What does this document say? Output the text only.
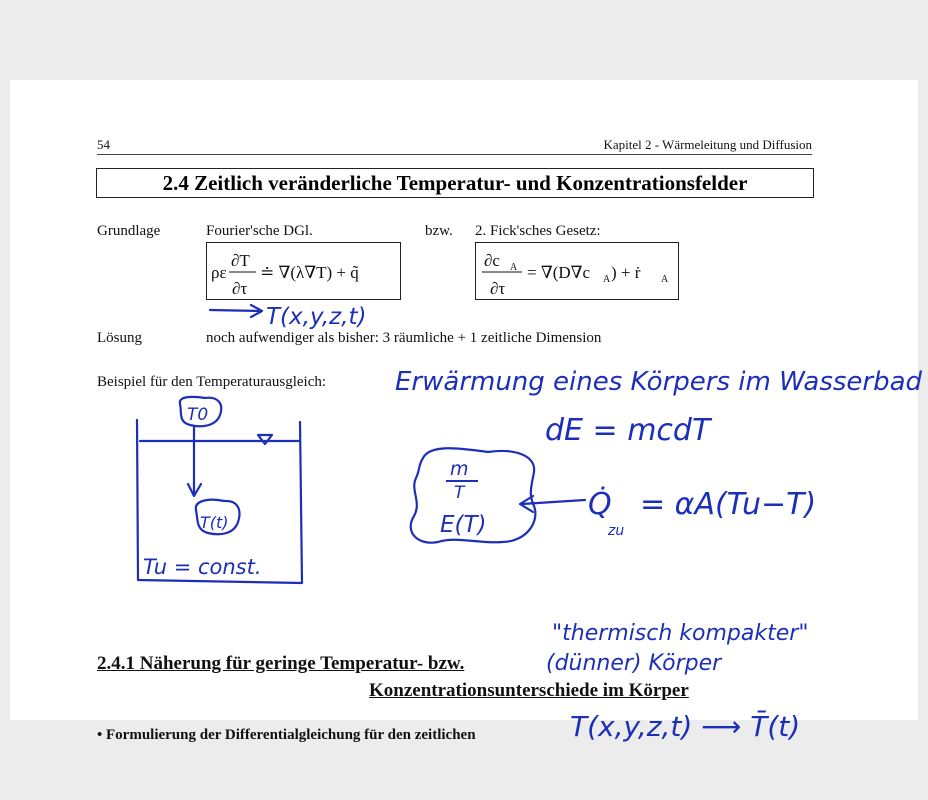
54	Kapitel 2 - Wärmeleitung und Diffusion
2.4 Zeitlich veränderliche Temperatur- und Konzentrationsfelder
Grundlage	Fourier'sche DGl.	bzw. 2. Fick'sches Gesetz:
Lösung	noch aufwendiger als bisher: 3 räumliche + 1 zeitliche Dimension
Beispiel für den Temperaturausgleich:
2.4.1 Näherung für geringe Temperatur- bzw.
Konzentrationsunterschiede im Körper
• Formulierung der Differentialgleichung für den zeitlichen
ρε
∂T
∂τ
≐ ∇(λ∇T) + q̃
∂c A
∂τ
= ∇(D∇c A ) + ṙ A
T(x,y,z,t)
Erwärmung eines Körpers im Wasserbad
T0
T(t)
Tu = const.
dE = mcdT
m
T
E(T)
Q̇
zu
= αA(Tu−T)
"thermisch kompakter"
(dünner) Körper
T(x,y,z,t) ⟶ T̄(t)
